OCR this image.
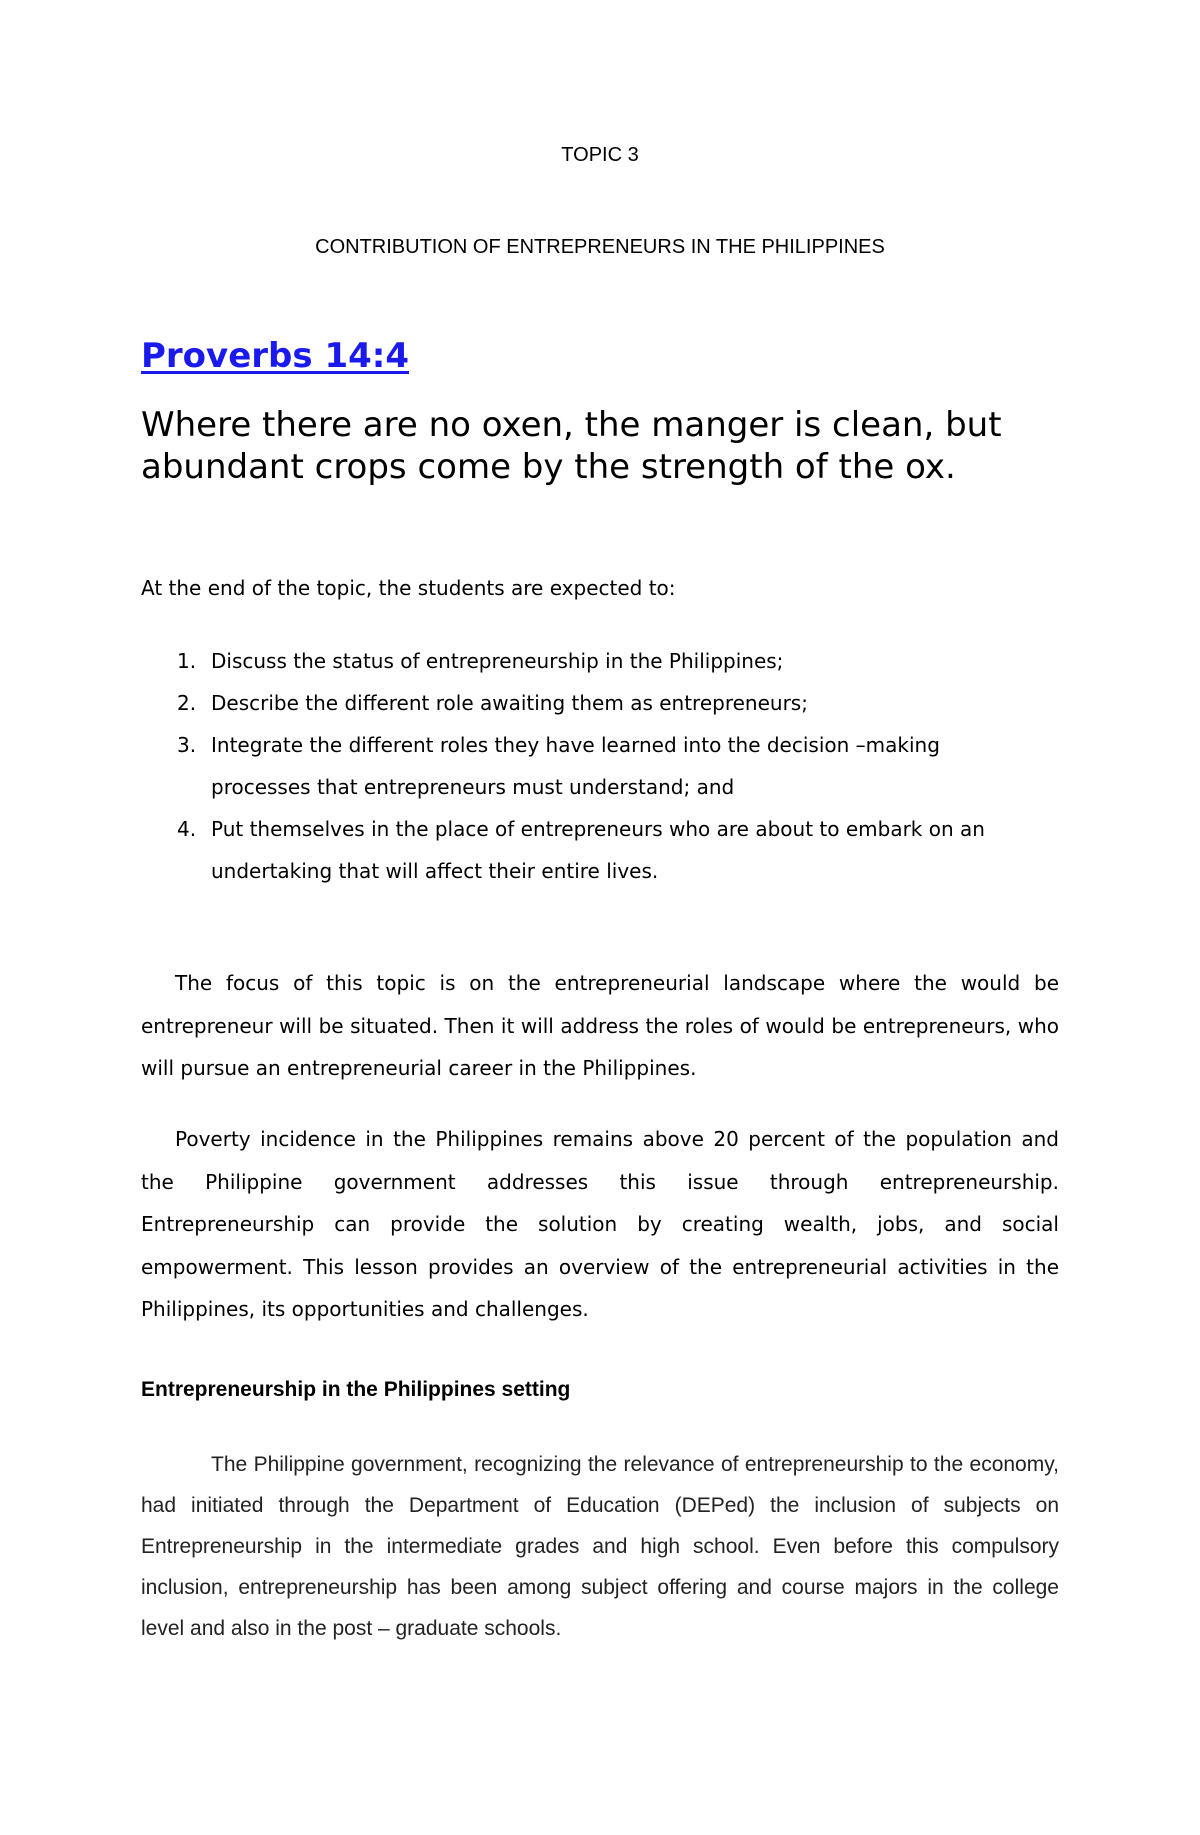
TOPIC 3
CONTRIBUTION OF ENTREPRENEURS IN THE PHILIPPINES
Proverbs 14:4
Where there are no oxen, the manger is clean, but abundant crops come by the strength of the ox.
At the end of the topic, the students are expected to:
1. Discuss the status of entrepreneurship in the Philippines;
2. Describe the different role awaiting them as entrepreneurs;
3. Integrate the different roles they have learned into the decision –making processes that entrepreneurs must understand; and
4. Put themselves in the place of entrepreneurs who are about to embark on an undertaking that will affect their entire lives.

The focus of this topic is on the entrepreneurial landscape where the would be entrepreneur will be situated. Then it will address the roles of would be entrepreneurs, who will pursue an entrepreneurial career in the Philippines.

Poverty incidence in the Philippines remains above 20 percent of the population and the Philippine government addresses this issue through entrepreneurship. Entrepreneurship can provide the solution by creating wealth, jobs, and social empowerment. This lesson provides an overview of the entrepreneurial activities in the Philippines, its opportunities and challenges.

Entrepreneurship in the Philippines setting

The Philippine government, recognizing the relevance of entrepreneurship to the economy, had initiated through the Department of Education (DEPed) the inclusion of subjects on Entrepreneurship in the intermediate grades and high school. Even before this compulsory inclusion, entrepreneurship has been among subject offering and course majors in the college level and also in the post – graduate schools.
